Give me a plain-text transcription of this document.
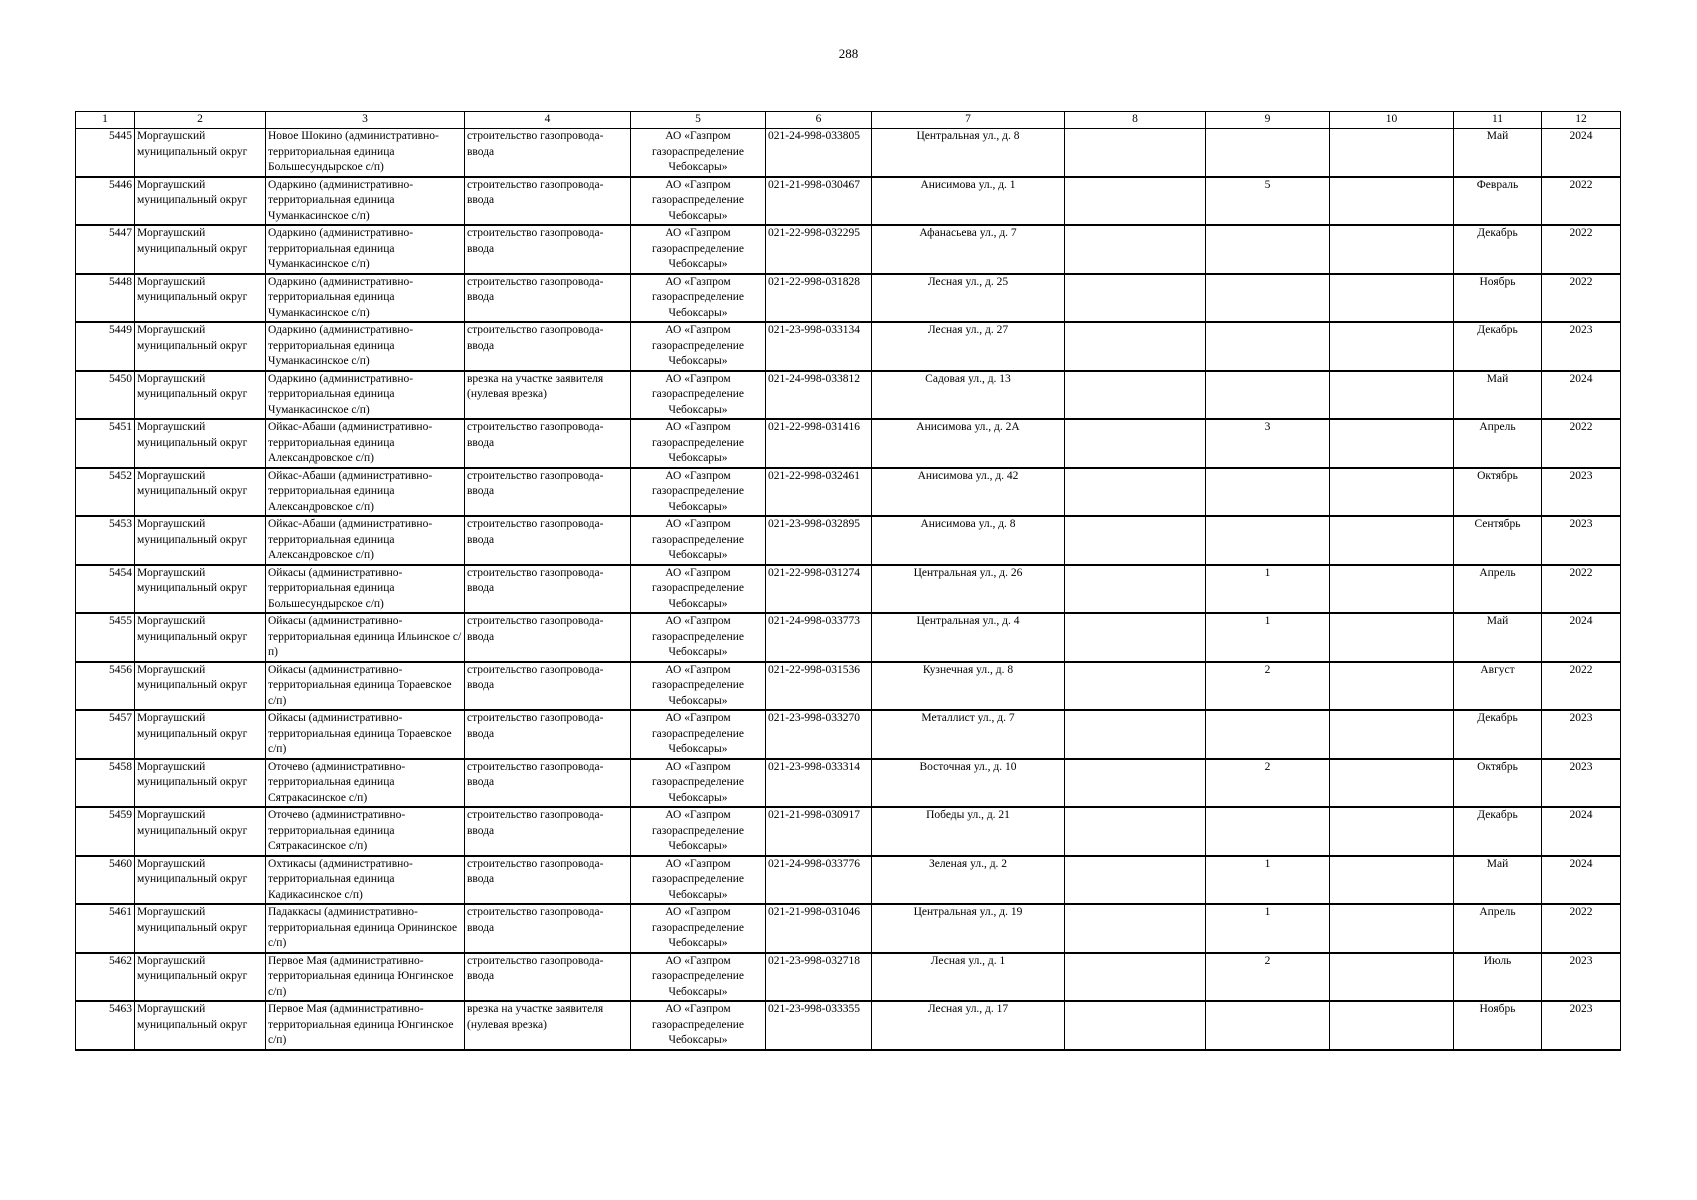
288
1	2	3	4	5	6	7	8	9	10	11	12
5445	Моргаушский муниципальный округ	Новое Шокино (административно-территориальная единица Большесундырское с/п)	строительство газопровода-ввода	АО «Газпром газораспределение Чебоксары»	021-24-998-033805	Центральная ул., д. 8				Май	2024
5446	Моргаушский муниципальный округ	Одаркино (административно-территориальная единица Чуманкасинское с/п)	строительство газопровода-ввода	АО «Газпром газораспределение Чебоксары»	021-21-998-030467	Анисимова ул., д. 1		5		Февраль	2022
5447	Моргаушский муниципальный округ	Одаркино (административно-территориальная единица Чуманкасинское с/п)	строительство газопровода-ввода	АО «Газпром газораспределение Чебоксары»	021-22-998-032295	Афанасьева ул., д. 7				Декабрь	2022
5448	Моргаушский муниципальный округ	Одаркино (административно-территориальная единица Чуманкасинское с/п)	строительство газопровода-ввода	АО «Газпром газораспределение Чебоксары»	021-22-998-031828	Лесная ул., д. 25				Ноябрь	2022
5449	Моргаушский муниципальный округ	Одаркино (административно-территориальная единица Чуманкасинское с/п)	строительство газопровода-ввода	АО «Газпром газораспределение Чебоксары»	021-23-998-033134	Лесная ул., д. 27				Декабрь	2023
5450	Моргаушский муниципальный округ	Одаркино (административно-территориальная единица Чуманкасинское с/п)	врезка на участке заявителя (нулевая врезка)	АО «Газпром газораспределение Чебоксары»	021-24-998-033812	Садовая ул., д. 13				Май	2024
5451	Моргаушский муниципальный округ	Ойкас-Абаши (административно-территориальная единица Александровское с/п)	строительство газопровода-ввода	АО «Газпром газораспределение Чебоксары»	021-22-998-031416	Анисимова ул., д. 2А		3		Апрель	2022
5452	Моргаушский муниципальный округ	Ойкас-Абаши (административно-территориальная единица Александровское с/п)	строительство газопровода-ввода	АО «Газпром газораспределение Чебоксары»	021-22-998-032461	Анисимова ул., д. 42				Октябрь	2023
5453	Моргаушский муниципальный округ	Ойкас-Абаши (административно-территориальная единица Александровское с/п)	строительство газопровода-ввода	АО «Газпром газораспределение Чебоксары»	021-23-998-032895	Анисимова ул., д. 8				Сентябрь	2023
5454	Моргаушский муниципальный округ	Ойкасы (административно-территориальная единица Большесундырское с/п)	строительство газопровода-ввода	АО «Газпром газораспределение Чебоксары»	021-22-998-031274	Центральная ул., д. 26		1		Апрель	2022
5455	Моргаушский муниципальный округ	Ойкасы (административно-территориальная единица Ильинское с/п)	строительство газопровода-ввода	АО «Газпром газораспределение Чебоксары»	021-24-998-033773	Центральная ул., д. 4		1		Май	2024
5456	Моргаушский муниципальный округ	Ойкасы (административно-территориальная единица Тораевское с/п)	строительство газопровода-ввода	АО «Газпром газораспределение Чебоксары»	021-22-998-031536	Кузнечная ул., д. 8		2		Август	2022
5457	Моргаушский муниципальный округ	Ойкасы (административно-территориальная единица Тораевское с/п)	строительство газопровода-ввода	АО «Газпром газораспределение Чебоксары»	021-23-998-033270	Металлист ул., д. 7				Декабрь	2023
5458	Моргаушский муниципальный округ	Оточево (административно-территориальная единица Сятракасинское с/п)	строительство газопровода-ввода	АО «Газпром газораспределение Чебоксары»	021-23-998-033314	Восточная ул., д. 10		2		Октябрь	2023
5459	Моргаушский муниципальный округ	Оточево (административно-территориальная единица Сятракасинское с/п)	строительство газопровода-ввода	АО «Газпром газораспределение Чебоксары»	021-21-998-030917	Победы ул., д. 21				Декабрь	2024
5460	Моргаушский муниципальный округ	Охтикасы (административно-территориальная единица Кадикасинское с/п)	строительство газопровода-ввода	АО «Газпром газораспределение Чебоксары»	021-24-998-033776	Зеленая ул., д. 2		1		Май	2024
5461	Моргаушский муниципальный округ	Падаккасы (административно-территориальная единица Орининское с/п)	строительство газопровода-ввода	АО «Газпром газораспределение Чебоксары»	021-21-998-031046	Центральная ул., д. 19		1		Апрель	2022
5462	Моргаушский муниципальный округ	Первое Мая (административно-территориальная единица Юнгинское с/п)	строительство газопровода-ввода	АО «Газпром газораспределение Чебоксары»	021-23-998-032718	Лесная ул., д. 1		2		Июль	2023
5463	Моргаушский муниципальный округ	Первое Мая (административно-территориальная единица Юнгинское с/п)	врезка на участке заявителя (нулевая врезка)	АО «Газпром газораспределение Чебоксары»	021-23-998-033355	Лесная ул., д. 17				Ноябрь	2023
